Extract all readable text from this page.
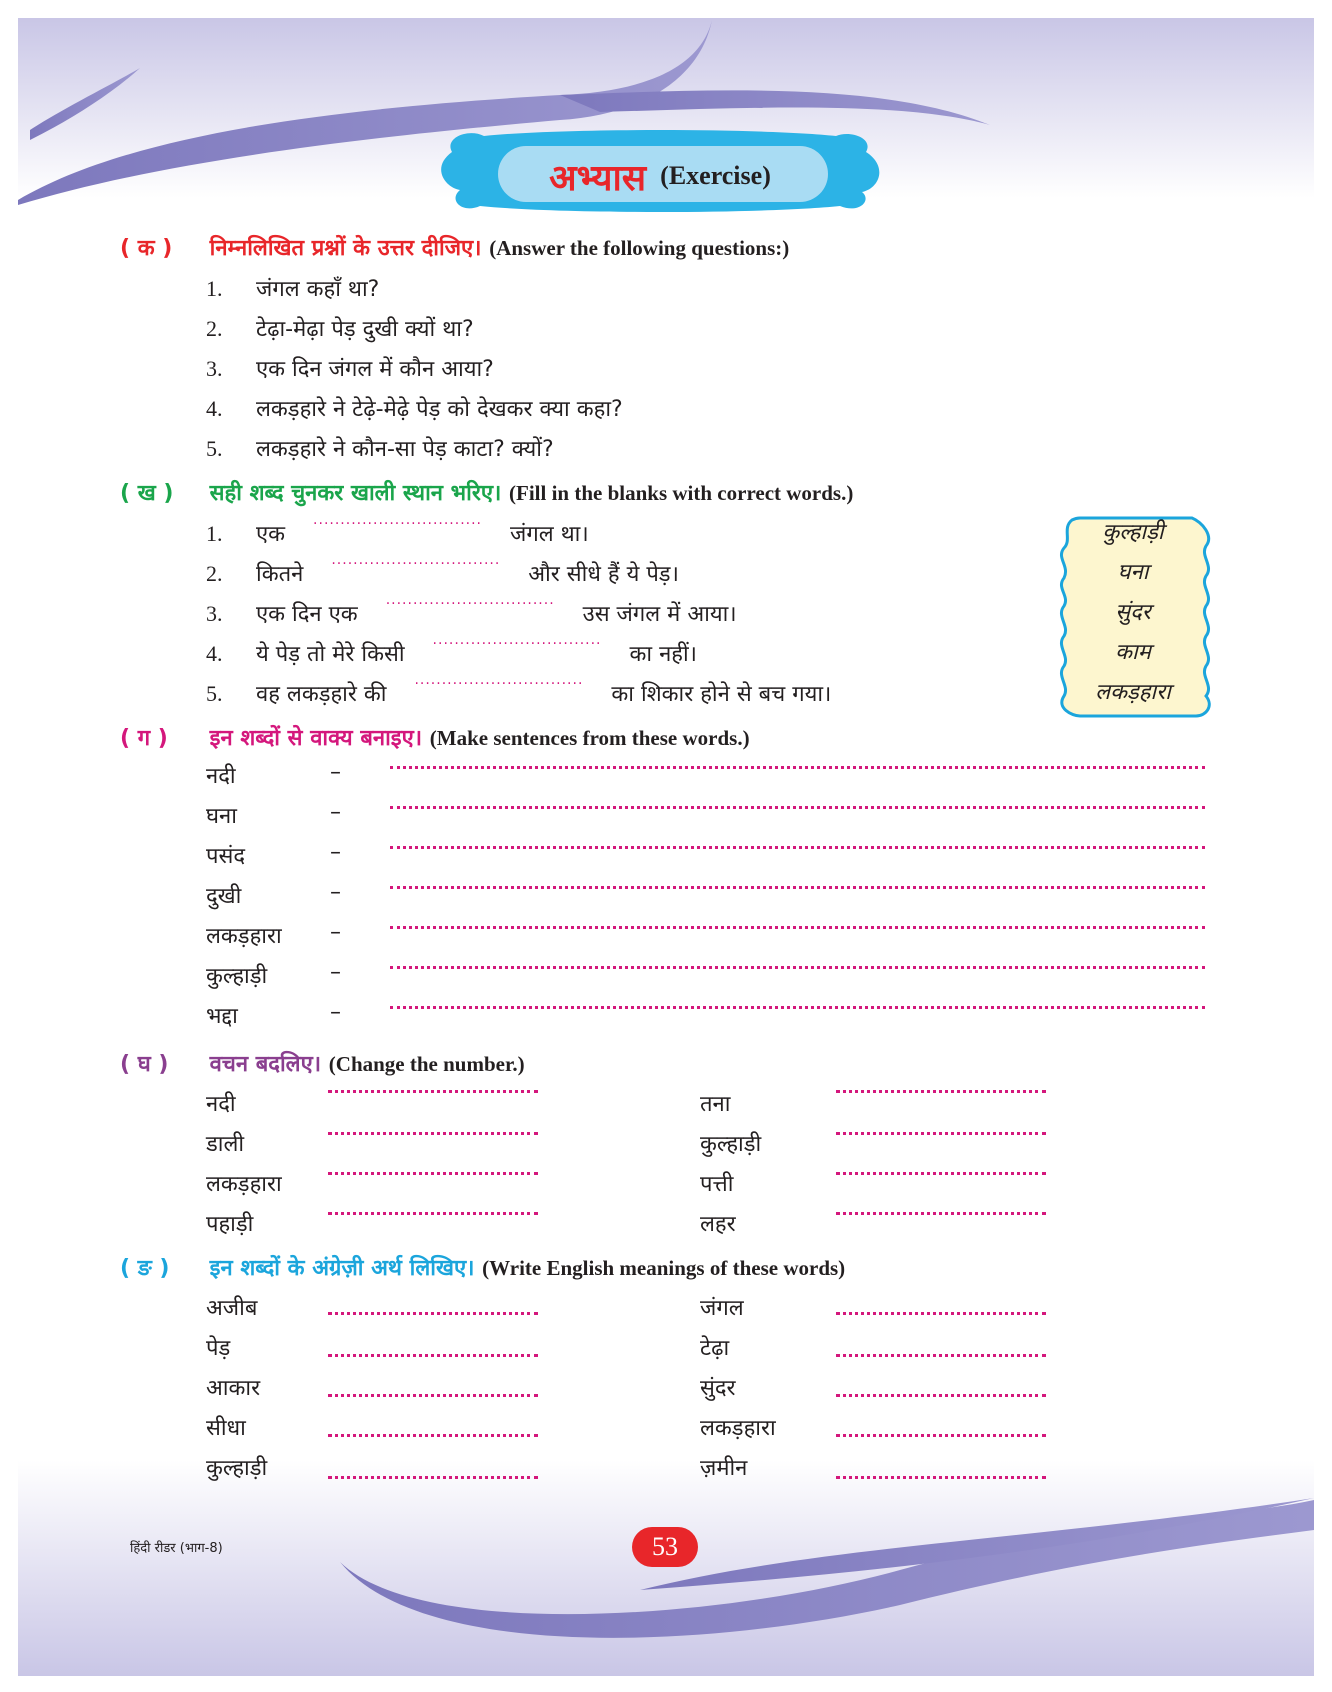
अभ्यास (Exercise)
( क ) निम्नलिखित प्रश्नों के उत्तर दीजिए। (Answer the following questions:)
1. जंगल कहाँ था?
2. टेढ़ा-मेढ़ा पेड़ दुखी क्यों था?
3. एक दिन जंगल में कौन आया?
4. लकड़हारे ने टेढ़े-मेढ़े पेड़ को देखकर क्या कहा?
5. लकड़हारे ने कौन-सा पेड़ काटा? क्यों?
( ख ) सही शब्द चुनकर खाली स्थान भरिए। (Fill in the blanks with correct words.)
1. एक    ...............................    जंगल था।
2. कितने    ...............................    और सीधे हैं ये पेड़।
3. एक दिन एक    ...............................    उस जंगल में आया।
4. ये पेड़ तो मेरे किसी    ...............................    का नहीं।
5. वह लकड़हारे की    ...............................    का शिकार होने से बच गया।
कुल्हाड़ी
घना
सुंदर
काम
लकड़हारा
( ग ) इन शब्दों से वाक्य बनाइए। (Make sentences from these words.)
नदी	–
घना	–
पसंद	–
दुखी	–
लकड़हारा –
कुल्हाड़ी	–
भद्दा	–
( घ ) वचन बदलिए। (Change the number.)
नदी	तना
डाली	कुल्हाड़ी
लकड़हारा	पत्ती
पहाड़ी	लहर
( ङ ) इन शब्दों के अंग्रेज़ी अर्थ लिखिए। (Write English meanings of these words)
अजीब	जंगल
पेड़	टेढ़ा
आकार	सुंदर
सीधा	लकड़हारा
कुल्हाड़ी	ज़मीन
हिंदी रीडर (भाग-8)	53
